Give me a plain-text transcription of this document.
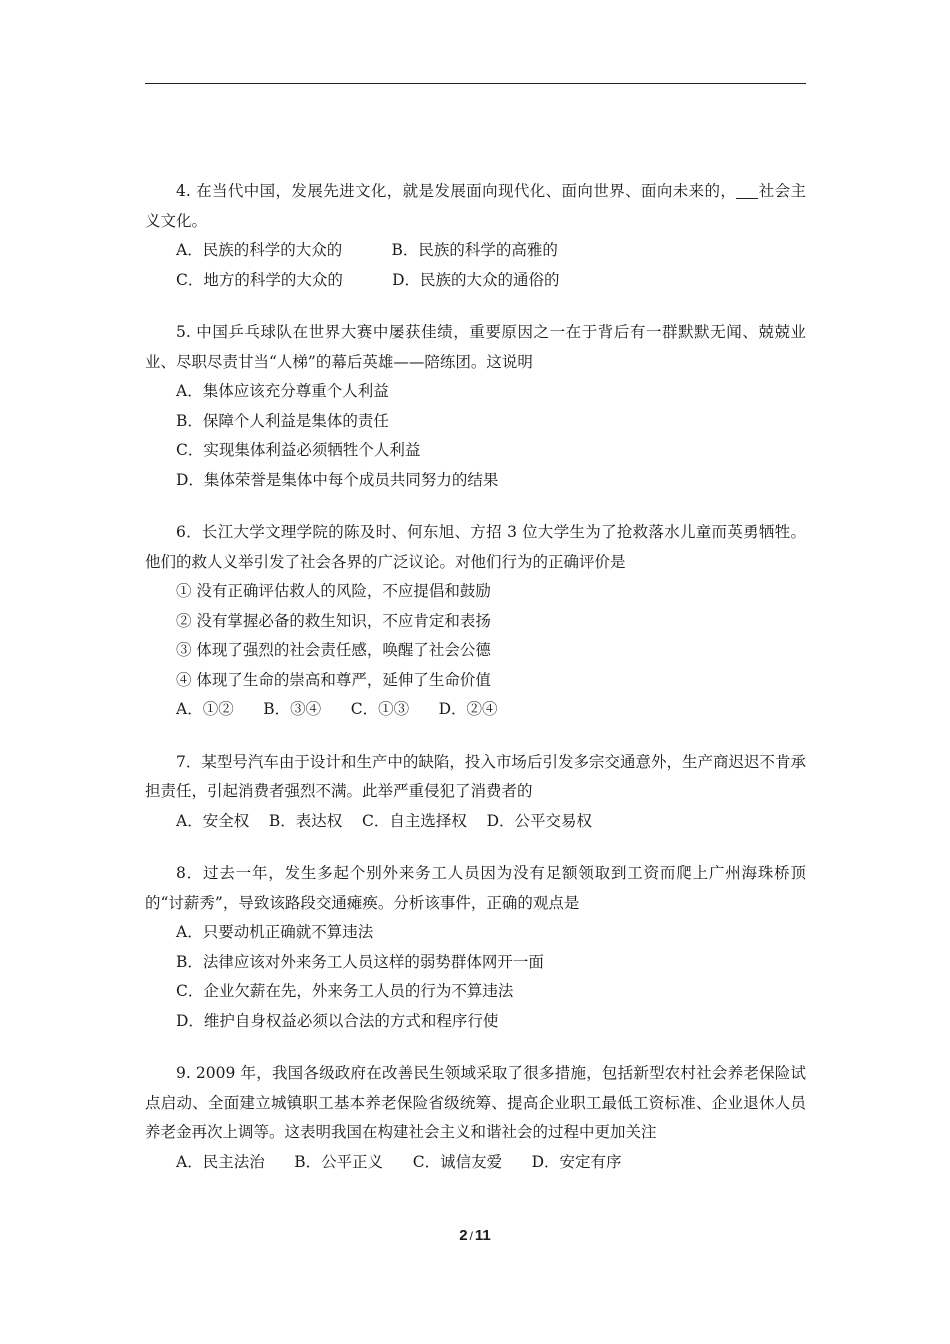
4. 在当代中国，发展先进文化，就是发展面向现代化、面向世界、面向未来的， 社会主义文化。

A．民族的科学的大众的          B．民族的科学的高雅的

C．地方的科学的大众的          D．民族的大众的通俗的

5. 中国乒乓球队在世界大赛中屡获佳绩，重要原因之一在于背后有一群默默无闻、兢兢业业、尽职尽责甘当“人梯”的幕后英雄——陪练团。这说明

A．集体应该充分尊重个人利益

B．保障个人利益是集体的责任

C．实现集体利益必须牺牲个人利益

D．集体荣誉是集体中每个成员共同努力的结果

6．长江大学文理学院的陈及时、何东旭、方招 3 位大学生为了抢救落水儿童而英勇牺牲。他们的救人义举引发了社会各界的广泛议论。对他们行为的正确评价是

① 没有正确评估救人的风险，不应提倡和鼓励

② 没有掌握必备的救生知识，不应肯定和表扬

③ 体现了强烈的社会责任感，唤醒了社会公德

④ 体现了生命的崇高和尊严，延伸了生命价值

A．①②      B．③④      C．①③      D．②④

7．某型号汽车由于设计和生产中的缺陷，投入市场后引发多宗交通意外，生产商迟迟不肯承担责任，引起消费者强烈不满。此举严重侵犯了消费者的

A．安全权    B．表达权    C．自主选择权    D．公平交易权

8．过去一年，发生多起个别外来务工人员因为没有足额领取到工资而爬上广州海珠桥顶的“讨薪秀”，导致该路段交通瘫痪。分析该事件，正确的观点是

A．只要动机正确就不算违法

B．法律应该对外来务工人员这样的弱势群体网开一面

C．企业欠薪在先，外来务工人员的行为不算违法

D．维护自身权益必须以合法的方式和程序行使

9. 2009 年，我国各级政府在改善民生领域采取了很多措施，包括新型农村社会养老保险试点启动、全面建立城镇职工基本养老保险省级统筹、提高企业职工最低工资标准、企业退休人员养老金再次上调等。这表明我国在构建社会主义和谐社会的过程中更加关注

A．民主法治      B．公平正义      C．诚信友爱      D．安定有序

2 / 11
